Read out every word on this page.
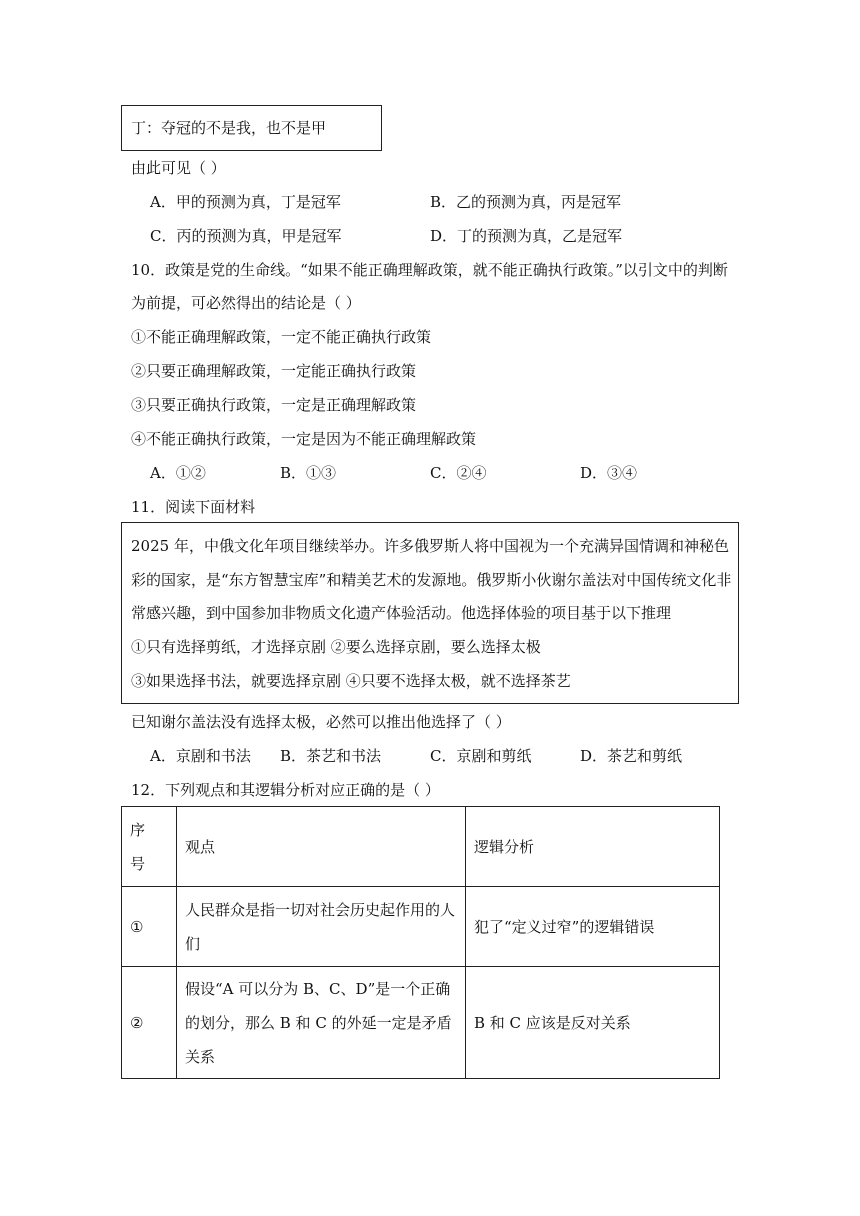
丁：夺冠的不是我，也不是甲
由此可见（ ）
A．甲的预测为真，丁是冠军	B．乙的预测为真，丙是冠军
C．丙的预测为真，甲是冠军	D．丁的预测为真，乙是冠军
10．政策是党的生命线。“如果不能正确理解政策，就不能正确执行政策。”以引文中的判断
为前提，可必然得出的结论是（ ）
①不能正确理解政策，一定不能正确执行政策
②只要正确理解政策，一定能正确执行政策
③只要正确执行政策，一定是正确理解政策
④不能正确执行政策，一定是因为不能正确理解政策
A．①②	B．①③	C．②④	D．③④
11．阅读下面材料
2025 年，中俄文化年项目继续举办。许多俄罗斯人将中国视为一个充满异国情调和神秘色
彩的国家，是“东方智慧宝库”和精美艺术的发源地。俄罗斯小伙谢尔盖法对中国传统文化非
常感兴趣，到中国参加非物质文化遗产体验活动。他选择体验的项目基于以下推理
①只有选择剪纸，才选择京剧 ②要么选择京剧，要么选择太极
③如果选择书法，就要选择京剧 ④只要不选择太极，就不选择茶艺
已知谢尔盖法没有选择太极，必然可以推出他选择了（ ）
A．京剧和书法 B．茶艺和书法	C．京剧和剪纸	D．茶艺和剪纸
12．下列观点和其逻辑分析对应正确的是（ ）
序号	观点	逻辑分析
①	人民群众是指一切对社会历史起作用的人们	犯了“定义过窄”的逻辑错误
②	假设“A 可以分为 B、C、D”是一个正确的划分，那么 B 和 C 的外延一定是矛盾关系	B 和 C 应该是反对关系
